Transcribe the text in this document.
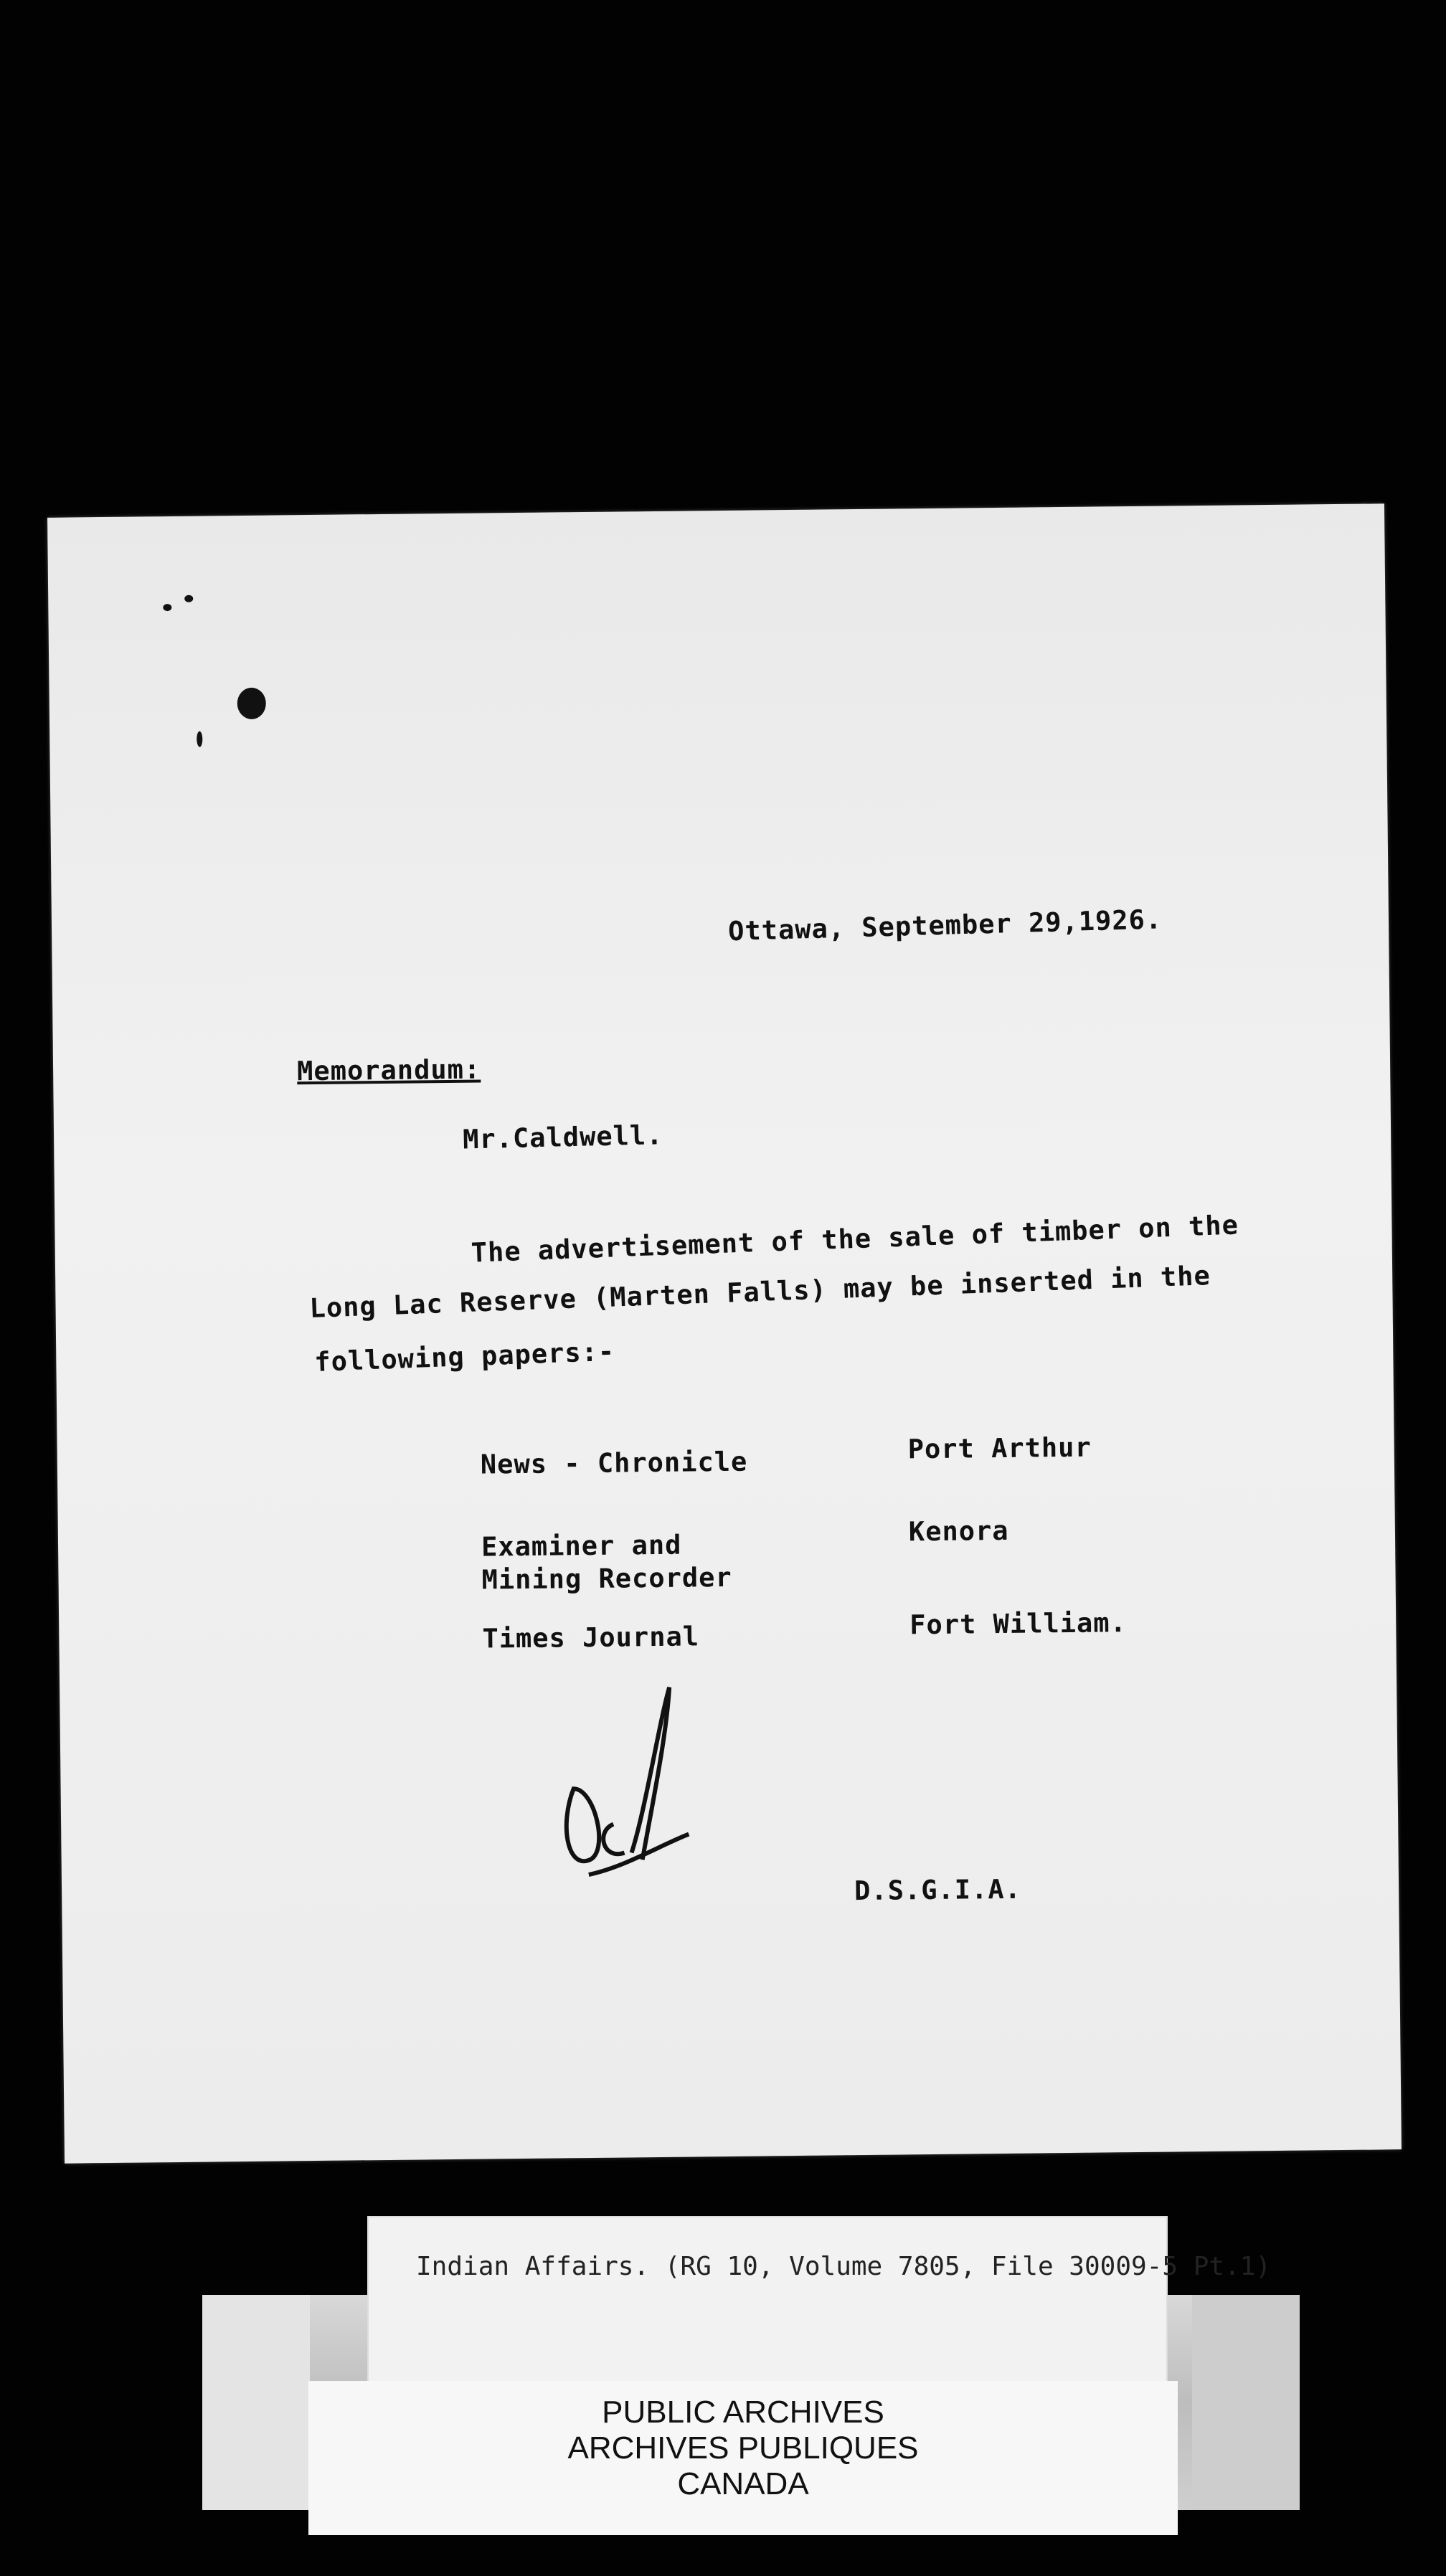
Ottawa, September 29,1926.
Memorandum:
Mr.Caldwell.
The advertisement of the sale of timber on the
Long Lac Reserve (Marten Falls) may be inserted in the
following papers:-
News - Chronicle	Port Arthur
Examiner and
Mining Recorder
Kenora
Times Journal	Fort William.
D.S.G.I.A.
Indian Affairs. (RG 10, Volume 7805, File 30009-5 Pt.1)
PUBLIC ARCHIVES
ARCHIVES PUBLIQUES
CANADA
